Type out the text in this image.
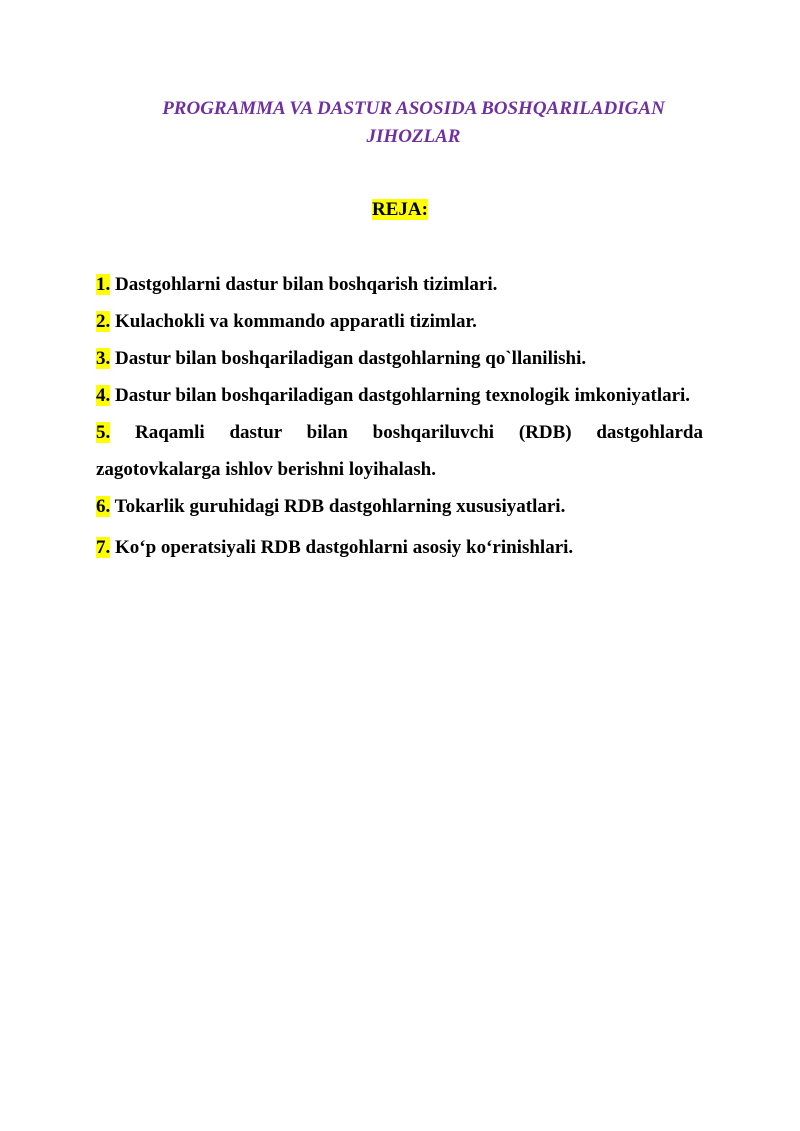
PROGRAMMA VA DASTUR ASOSIDA BOSHQARILADIGAN
JIHOZLAR
REJA:
1. Dastgohlarni dastur bilan boshqarish tizimlari.
2. Kulachokli va kommando apparatli tizimlar.
3. Dastur bilan boshqariladigan dastgohlarning qo`llanilishi.
4. Dastur bilan boshqariladigan dastgohlarning texnologik imkoniyatlari.
5. Raqamli dastur bilan boshqariluvchi (RDB) dastgohlarda zagotovkalarga ishlov berishni loyihalash.
6. Tokarlik guruhidagi RDB dastgohlarning xususiyatlari.
7. Ko‘p operatsiyali RDB dastgohlarni asosiy ko‘rinishlari.
